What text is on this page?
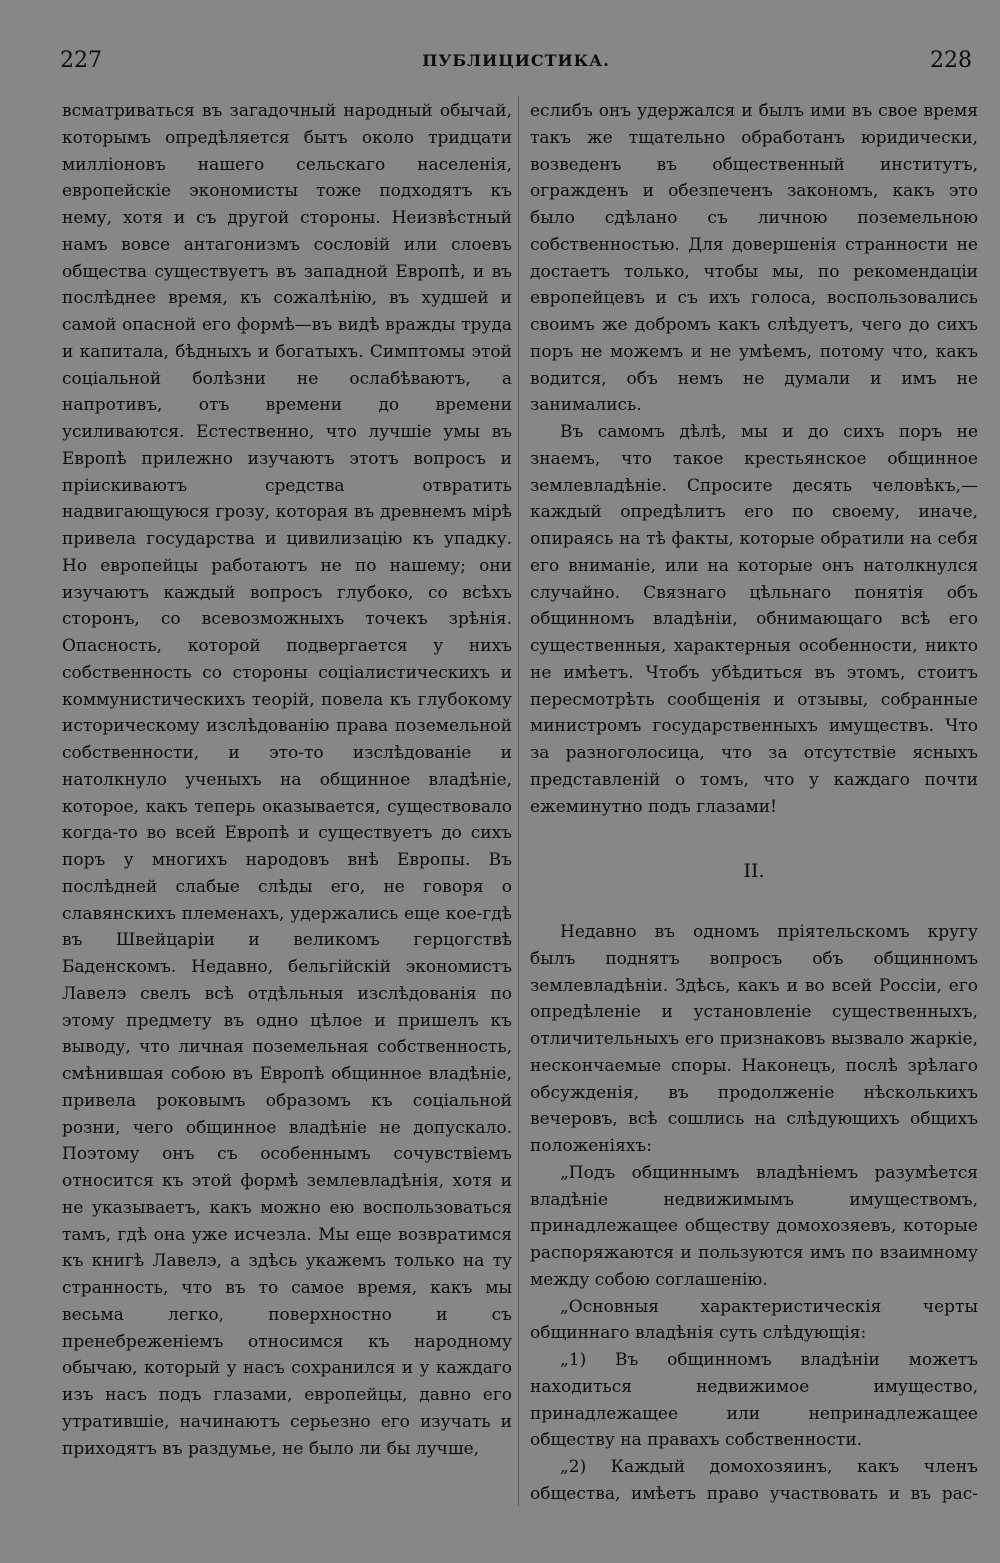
227	ПУБЛИЦИСТИКА.	228

всматриваться въ загадочный народный обычай, которымъ опредѣляется бытъ около тридцати милліоновъ нашего сельскаго населенія, европейскіе экономисты тоже подходятъ къ нему, хотя и съ другой стороны. Неизвѣстный намъ вовсе антагонизмъ сословій или слоевъ общества существуетъ въ западной Европѣ, и въ послѣднее время, къ сожалѣнію, въ худшей и самой опасной его формѣ—въ видѣ вражды труда и капитала, бѣдныхъ и богатыхъ. Симптомы этой соціальной болѣзни не ослабѣваютъ, а напротивъ, отъ времени до времени усиливаются. Естественно, что лучшіе умы въ Европѣ прилежно изучаютъ этотъ вопросъ и пріискиваютъ средства отвратить надвигающуюся грозу, которая въ древнемъ мірѣ привела государства и цивилизацію къ упадку. Но европейцы работаютъ не по нашему; они изучаютъ каждый вопросъ глубоко, со всѣхъ сторонъ, со всевозможныхъ точекъ зрѣнія. Опасность, которой подвергается у нихъ собственность со стороны соціалистическихъ и коммунистическихъ теорій, повела къ глубокому историческому изслѣдованію права поземельной собственности, и это-то изслѣдованіе и натолкнуло ученыхъ на общинное владѣніе, которое, какъ теперь оказывается, существовало когда-то во всей Европѣ и существуетъ до сихъ поръ у многихъ народовъ внѣ Европы. Въ послѣдней слабые слѣды его, не говоря о славянскихъ племенахъ, удержались еще кое-гдѣ въ Швейцаріи и великомъ герцогствѣ Баденскомъ. Недавно, бельгійскій экономистъ Лавелэ свелъ всѣ отдѣльныя изслѣдованія по этому предмету въ одно цѣлое и пришелъ къ выводу, что личная поземельная собственность, смѣнившая собою въ Европѣ общинное владѣніе, привела роковымъ образомъ къ соціальной розни, чего общинное владѣніе не допускало. Поэтому онъ съ особеннымъ сочувствіемъ относится къ этой формѣ землевладѣнія, хотя и не указываетъ, какъ можно ею воспользоваться тамъ, гдѣ она уже исчезла. Мы еще возвратимся къ книгѣ Лавелэ, а здѣсь укажемъ только на ту странность, что въ то самое время, какъ мы весьма легко, поверхностно и съ пренебреженіемъ относимся къ народному обычаю, который у насъ сохранился и у каждаго изъ насъ подъ глазами, европейцы, давно его утратившіе, начинаютъ серьезно его изучать и приходятъ въ раздумье, не было ли бы лучше,

еслибъ онъ удержался и былъ ими въ свое время такъ же тщательно обработанъ юридически, возведенъ въ общественный институтъ, огражденъ и обезпеченъ закономъ, какъ это было сдѣлано съ личною поземельною собственностью. Для довершенія странности не достаетъ только, чтобы мы, по рекомендаціи европейцевъ и съ ихъ голоса, воспользовались своимъ же добромъ какъ слѣдуетъ, чего до сихъ поръ не можемъ и не умѣемъ, потому что, какъ водится, объ немъ не думали и имъ не занимались.

Въ самомъ дѣлѣ, мы и до сихъ поръ не знаемъ, что такое крестьянское общинное землевладѣніе. Спросите десять человѣкъ,—каждый опредѣлитъ его по своему, иначе, опираясь на тѣ факты, которые обратили на себя его вниманіе, или на которые онъ натолкнулся случайно. Связнаго цѣльнаго понятія объ общинномъ владѣніи, обнимающаго всѣ его существенныя, характерныя особенности, никто не имѣетъ. Чтобъ убѣдиться въ этомъ, стоитъ пересмотрѣть сообщенія и отзывы, собранные министромъ государственныхъ имуществъ. Что за разноголосица, что за отсутствіе ясныхъ представленій о томъ, что у каждаго почти ежеминутно подъ глазами!

II.

Недавно въ одномъ пріятельскомъ кругу былъ поднятъ вопросъ объ общинномъ землевладѣніи. Здѣсь, какъ и во всей Россіи, его опредѣленіе и установленіе существенныхъ, отличительныхъ его признаковъ вызвало жаркіе, нескончаемые споры. Наконецъ, послѣ зрѣлаго обсужденія, въ продолженіе нѣсколькихъ вечеровъ, всѣ сошлись на слѣдующихъ общихъ положеніяхъ:

„Подъ общиннымъ владѣніемъ разумѣется владѣніе недвижимымъ имуществомъ, принадлежащее обществу домохозяевъ, которые распоряжаются и пользуются имъ по взаимному между собою соглашенію.

„Основныя характеристическія черты общиннаго владѣнія суть слѣдующія:

„1) Въ общинномъ владѣніи можетъ находиться недвижимое имущество, принадлежащее или непринадлежащее обществу на правахъ собственности.

„2) Каждый домохозяинъ, какъ членъ общества, имѣетъ право участвовать и въ рас-
